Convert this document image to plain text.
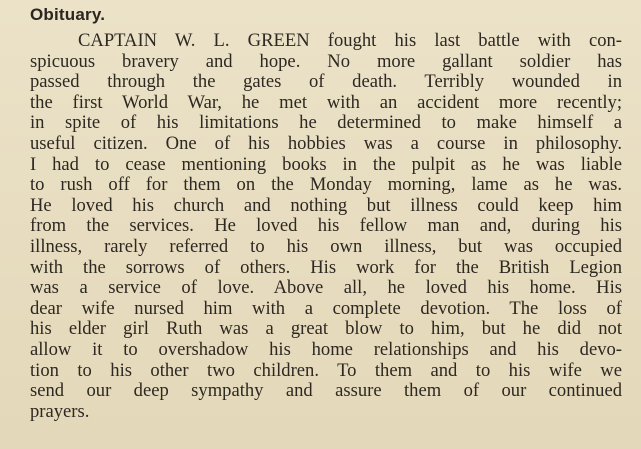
Obituary.
CAPTAIN W. L. GREEN fought his last battle with con-
spicuous bravery and hope. No more gallant soldier has
passed through the gates of death. Terribly wounded in
the first World War, he met with an accident more recently;
in spite of his limitations he determined to make himself a
useful citizen. One of his hobbies was a course in philosophy.
I had to cease mentioning books in the pulpit as he was liable
to rush off for them on the Monday morning, lame as he was.
He loved his church and nothing but illness could keep him
from the services. He loved his fellow man and, during his
illness, rarely referred to his own illness, but was occupied
with the sorrows of others. His work for the British Legion
was a service of love. Above all, he loved his home. His
dear wife nursed him with a complete devotion. The loss of
his elder girl Ruth was a great blow to him, but he did not
allow it to overshadow his home relationships and his devo-
tion to his other two children. To them and to his wife we
send our deep sympathy and assure them of our continued
prayers.
